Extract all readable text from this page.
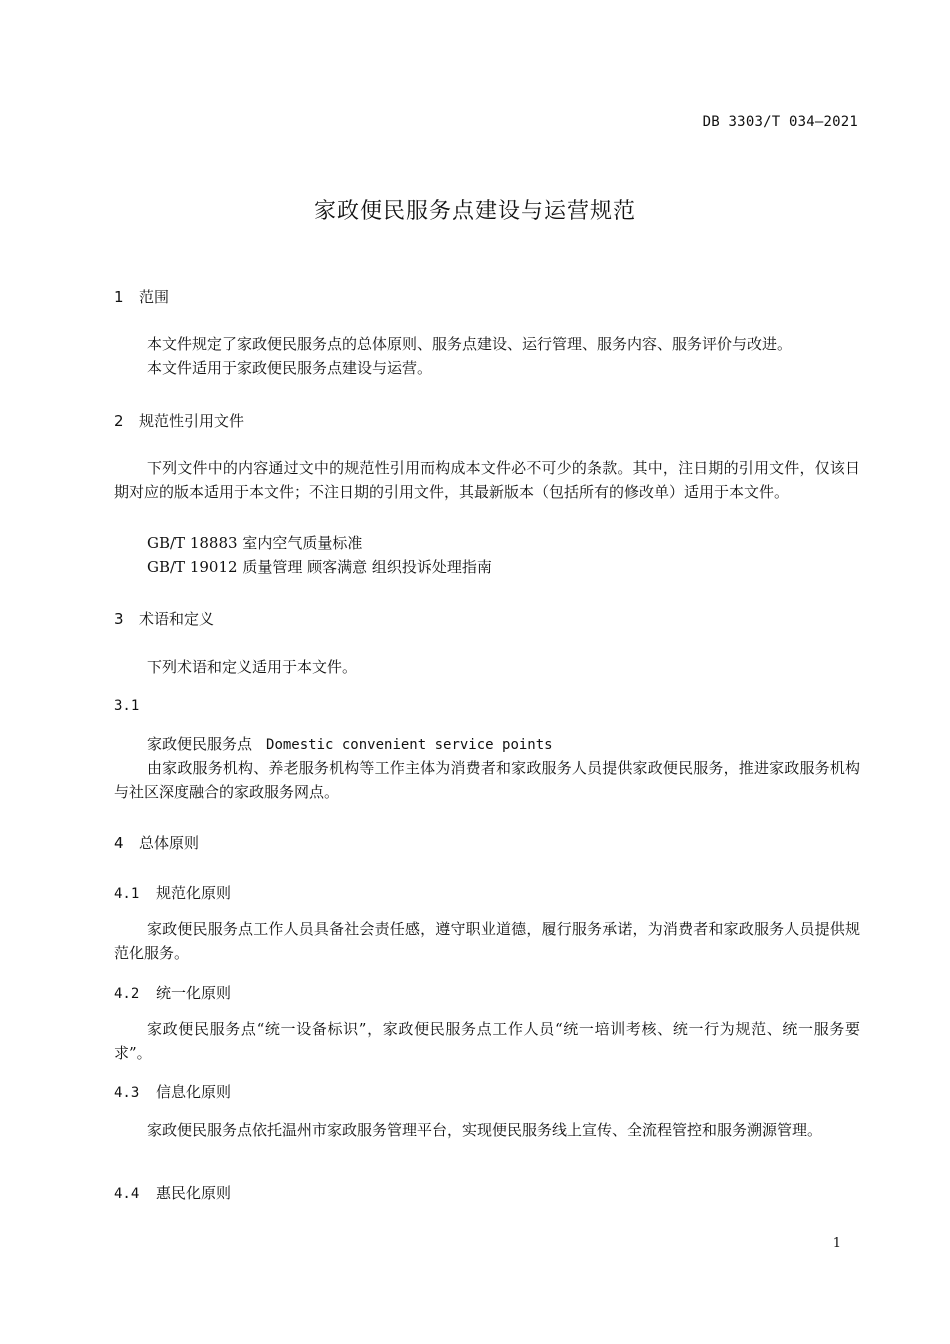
DB 3303/T 034—2021
家政便民服务点建设与运营规范
1 范围

本文件规定了家政便民服务点的总体原则、服务点建设、运行管理、服务内容、服务评价与改进。

本文件适用于家政便民服务点建设与运营。

2 规范性引用文件

下列文件中的内容通过文中的规范性引用而构成本文件必不可少的条款。其中，注日期的引用文件，仅该日期对应的版本适用于本文件；不注日期的引用文件，其最新版本（包括所有的修改单）适用于本文件。

GB/T 18883 室内空气质量标准
GB/T 19012 质量管理 顾客满意 组织投诉处理指南
3 术语和定义

下列术语和定义适用于本文件。

3.1
家政便民服务点 Domestic convenient service points

由家政服务机构、养老服务机构等工作主体为消费者和家政服务人员提供家政便民服务，推进家政服务机构与社区深度融合的家政服务网点。

4 总体原则
4.1 规范化原则

家政便民服务点工作人员具备社会责任感，遵守职业道德，履行服务承诺，为消费者和家政服务人员提供规范化服务。

4.2 统一化原则

家政便民服务点“统一设备标识”，家政便民服务点工作人员“统一培训考核、统一行为规范、统一服务要求”。

4.3 信息化原则

家政便民服务点依托温州市家政服务管理平台，实现便民服务线上宣传、全流程管控和服务溯源管理。

4.4 惠民化原则
1
